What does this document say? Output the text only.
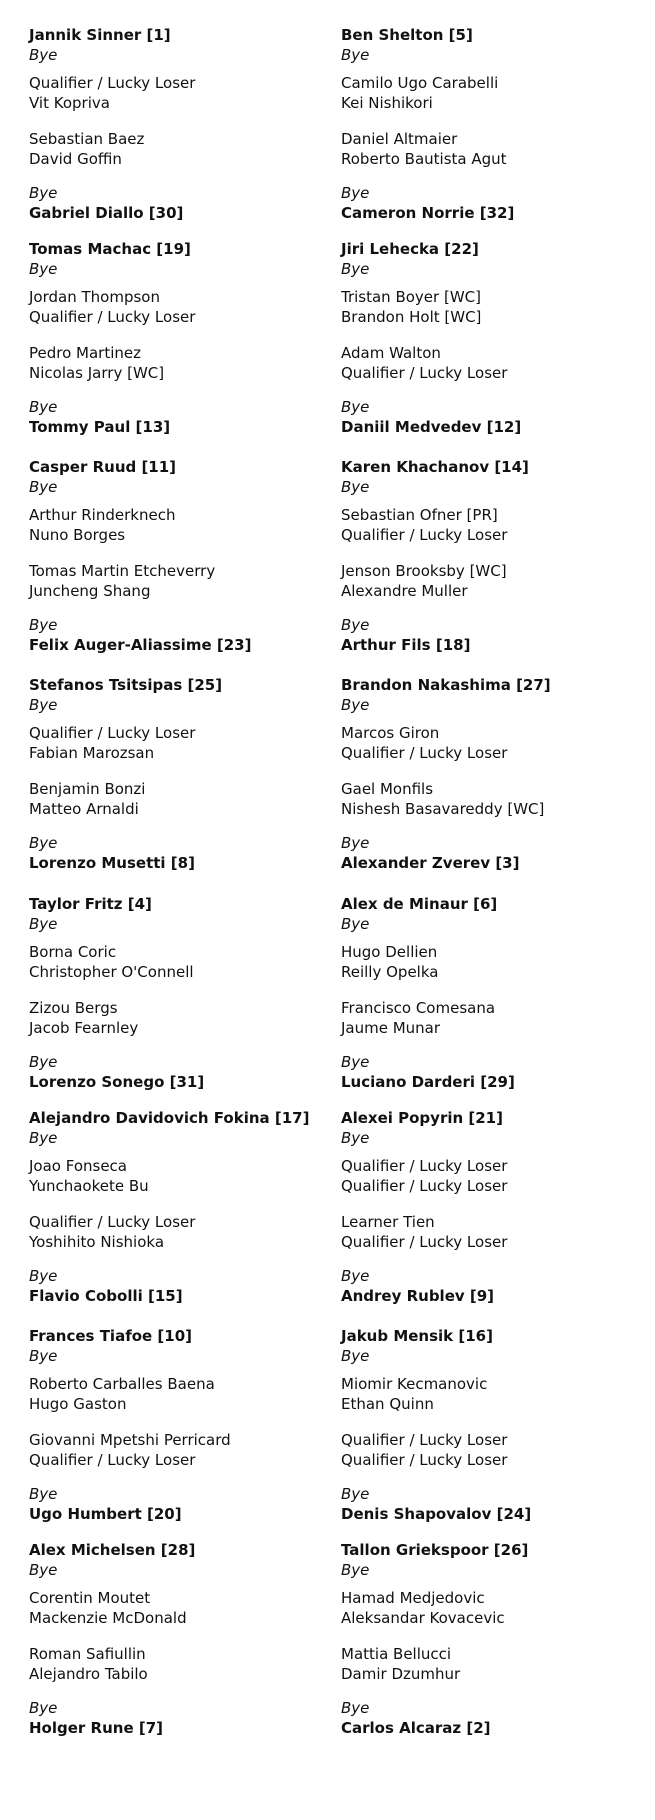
Jannik Sinner [1]
Bye
Qualifier / Lucky Loser
Vit Kopriva
Sebastian Baez
David Goffin
Bye
Gabriel Diallo [30]
Tomas Machac [19]
Bye
Jordan Thompson
Qualifier / Lucky Loser
Pedro Martinez
Nicolas Jarry [WC]
Bye
Tommy Paul [13]
Casper Ruud [11]
Bye
Arthur Rinderknech
Nuno Borges
Tomas Martin Etcheverry
Juncheng Shang
Bye
Felix Auger-Aliassime [23]
Stefanos Tsitsipas [25]
Bye
Qualifier / Lucky Loser
Fabian Marozsan
Benjamin Bonzi
Matteo Arnaldi
Bye
Lorenzo Musetti [8]
Taylor Fritz [4]
Bye
Borna Coric
Christopher O'Connell
Zizou Bergs
Jacob Fearnley
Bye
Lorenzo Sonego [31]
Alejandro Davidovich Fokina [17]
Bye
Joao Fonseca
Yunchaokete Bu
Qualifier / Lucky Loser
Yoshihito Nishioka
Bye
Flavio Cobolli [15]
Frances Tiafoe [10]
Bye
Roberto Carballes Baena
Hugo Gaston
Giovanni Mpetshi Perricard
Qualifier / Lucky Loser
Bye
Ugo Humbert [20]
Alex Michelsen [28]
Bye
Corentin Moutet
Mackenzie McDonald
Roman Safiullin
Alejandro Tabilo
Bye
Holger Rune [7]
Ben Shelton [5]
Bye
Camilo Ugo Carabelli
Kei Nishikori
Daniel Altmaier
Roberto Bautista Agut
Bye
Cameron Norrie [32]
Jiri Lehecka [22]
Bye
Tristan Boyer [WC]
Brandon Holt [WC]
Adam Walton
Qualifier / Lucky Loser
Bye
Daniil Medvedev [12]
Karen Khachanov [14]
Bye
Sebastian Ofner [PR]
Qualifier / Lucky Loser
Jenson Brooksby [WC]
Alexandre Muller
Bye
Arthur Fils [18]
Brandon Nakashima [27]
Bye
Marcos Giron
Qualifier / Lucky Loser
Gael Monfils
Nishesh Basavareddy [WC]
Bye
Alexander Zverev [3]
Alex de Minaur [6]
Bye
Hugo Dellien
Reilly Opelka
Francisco Comesana
Jaume Munar
Bye
Luciano Darderi [29]
Alexei Popyrin [21]
Bye
Qualifier / Lucky Loser
Qualifier / Lucky Loser
Learner Tien
Qualifier / Lucky Loser
Bye
Andrey Rublev [9]
Jakub Mensik [16]
Bye
Miomir Kecmanovic
Ethan Quinn
Qualifier / Lucky Loser
Qualifier / Lucky Loser
Bye
Denis Shapovalov [24]
Tallon Griekspoor [26]
Bye
Hamad Medjedovic
Aleksandar Kovacevic
Mattia Bellucci
Damir Dzumhur
Bye
Carlos Alcaraz [2]
